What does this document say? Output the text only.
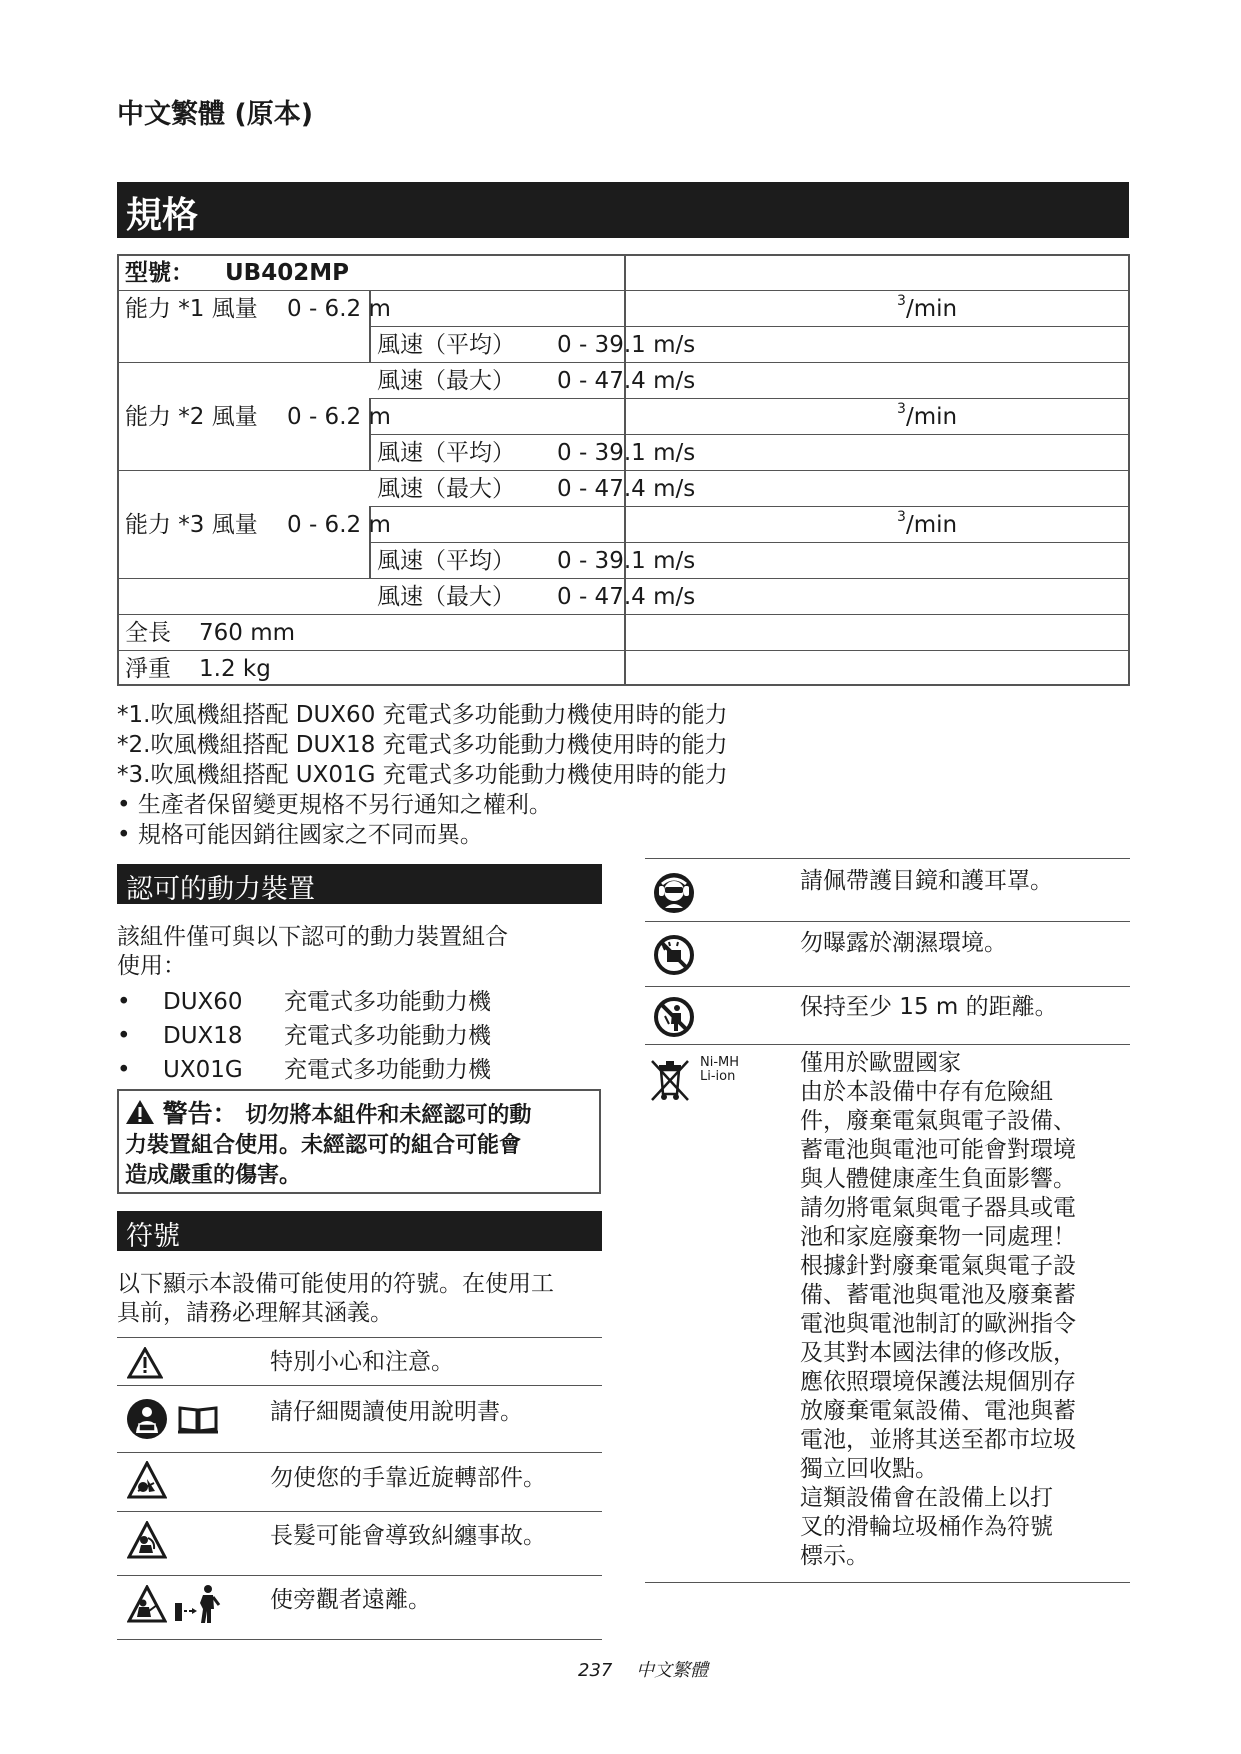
中文繁體 (原本)
規格
型號： UB402MP
能力 *1 風量 0 - 6.2 m	3 /min
風速（平均） 0 - 39.1 m/s
風速（最大） 0 - 47.4 m/s
能力 *2 風量 0 - 6.2 m	3 /min
風速（平均） 0 - 39.1 m/s
風速（最大） 0 - 47.4 m/s
能力 *3 風量 0 - 6.2 m	3 /min
風速（平均） 0 - 39.1 m/s
風速（最大） 0 - 47.4 m/s
全長 760 mm
淨重 1.2 kg
*1.吹風機組搭配 DUX60 充電式多功能動力機使用時的能力
*2.吹風機組搭配 DUX18 充電式多功能動力機使用時的能力
*3.吹風機組搭配 UX01G 充電式多功能動力機使用時的能力
• 生產者保留變更規格不另行通知之權利。
• 規格可能因銷往國家之不同而異。
認可的動力裝置
該組件僅可與以下認可的動力裝置組合
使用：
• DUX60 充電式多功能動力機
• DUX18 充電式多功能動力機
• UX01G 充電式多功能動力機
警告： 切勿將本組件和未經認可的動
力裝置組合使用。未經認可的組合可能會
造成嚴重的傷害。
符號
以下顯示本設備可能使用的符號。在使用工
具前，請務必理解其涵義。
特別小心和注意。
請仔細閱讀使用說明書。
勿使您的手靠近旋轉部件。
長髮可能會導致糾纏事故。
使旁觀者遠離。
請佩帶護目鏡和護耳罩。
勿曝露於潮濕環境。
保持至少 15 m 的距離。
Ni-MH
Li-ion
僅用於歐盟國家
由於本設備中存有危險組
件，廢棄電氣與電子設備、
蓄電池與電池可能會對環境
與人體健康產生負面影響。
請勿將電氣與電子器具或電
池和家庭廢棄物一同處理！
根據針對廢棄電氣與電子設
備、蓄電池與電池及廢棄蓄
電池與電池制訂的歐洲指令
及其對本國法律的修改版，
應依照環境保護法規個別存
放廢棄電氣設備、電池與蓄
電池，並將其送至都市垃圾
獨立回收點。
這類設備會在設備上以打
叉的滑輪垃圾桶作為符號
標示。
237 中文繁體
